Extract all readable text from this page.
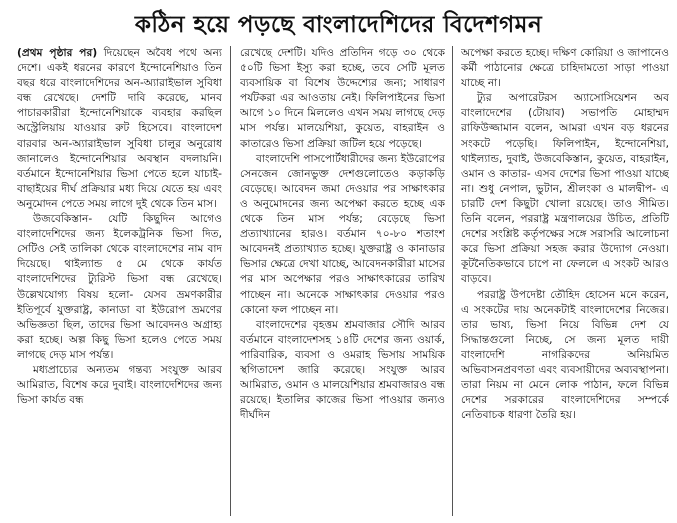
কঠিন হয়ে পড়ছে বাংলাদেশিদের বিদেশগমন

(প্রথম পৃষ্ঠার পর) দিয়েছেন অবৈধ পথে অন্য দেশে। একই ধরনের কারণে ইন্দোনেশিয়াও তিন বছর ধরে বাংলাদেশিদের অন-অ্যারাইভাল সুবিধা বন্ধ রেখেছে। দেশটি দাবি করেছে, মানব পাচারকারীরা ইন্দোনেশিয়াকে ব্যবহার করছিল অস্ট্রেলিয়ায় যাওয়ার রুট হিসেবে। বাংলাদেশ বারবার অন-অ্যারাইভাল সুবিধা চালুর অনুরোধ জানালেও ইন্দোনেশিয়ার অবস্থান বদলায়নি। বর্তমানে ইন্দোনেশিয়ার ভিসা পেতে হলে যাচাই-বাছাইয়ের দীর্ঘ প্রক্রিয়ার মধ্য দিয়ে যেতে হয় এবং অনুমোদন পেতে সময় লাগে দুই থেকে তিন মাস।

উজবেকিস্তান- যেটি কিছুদিন আগেও বাংলাদেশিদের জন্য ইলেকট্রনিক ভিসা দিত, সেটিও সেই তালিকা থেকে বাংলাদেশের নাম বাদ দিয়েছে। থাইল্যান্ড ৫ মে থেকে কার্যত বাংলাদেশিদের ট্যুরিস্ট ভিসা বন্ধ রেখেছে। উল্লেখযোগ্য বিষয় হলো- যেসব ভ্রমণকারীর ইতিপূর্বে যুক্তরাষ্ট্র, কানাডা বা ইউরোপ ভ্রমণের অভিজ্ঞতা ছিল, তাদের ভিসা আবেদনও অগ্রাহ্য করা হচ্ছে। অল্প কিছু ভিসা হলেও পেতে সময় লাগছে দেড় মাস পর্যন্ত।

মধ্যপ্রাচ্যের অন্যতম গন্তব্য সংযুক্ত আরব আমিরাত, বিশেষ করে দুবাই। বাংলাদেশিদের জন্য ভিসা কার্যত বন্ধ

রেখেছে দেশটি। যদিও প্রতিদিন গড়ে ৩০ থেকে ৫০টি ভিসা ইস্যু করা হচ্ছে, তবে সেটি মূলত ব্যবসায়িক বা বিশেষ উদ্দেশ্যের জন্য; সাধারণ পর্যটকরা এর আওতায় নেই। ফিলিপাইনের ভিসা আগে ১০ দিনে মিললেও এখন সময় লাগছে দেড় মাস পর্যন্ত। মালয়েশিয়া, কুয়েত, বাহরাইন ও কাতারেও ভিসা প্রক্রিয়া জটিল হয়ে পড়েছে।

বাংলাদেশি পাসপোর্টধারীদের জন্য ইউরোপের সেনজেন জোনভুক্ত দেশগুলোতেও কড়াকড়ি বেড়েছে। আবেদন জমা দেওয়ার পর সাক্ষাৎকার ও অনুমোদনের জন্য অপেক্ষা করতে হচ্ছে এক থেকে তিন মাস পর্যন্ত; বেড়েছে ভিসা প্রত্যাখ্যানের হারও। বর্তমান ৭০-৮০ শতাংশ আবেদনই প্রত্যাখ্যাত হচ্ছে। যুক্তরাষ্ট্র ও কানাডার ভিসার ক্ষেত্রে দেখা যাচ্ছে, আবেদনকারীরা মাসের পর মাস অপেক্ষার পরও সাক্ষাৎকারের তারিখ পাচ্ছেন না। অনেকে সাক্ষাৎকার দেওয়ার পরও কোনো ফল পাচ্ছেন না।

বাংলাদেশের বৃহত্তম শ্রমবাজার সৌদি আরব বর্তমানে বাংলাদেশসহ ১৪টি দেশের জন্য ওয়ার্ক, পারিবারিক, ব্যবসা ও ওমরাহ ভিসায় সাময়িক স্থগিতাদেশ জারি করেছে। সংযুক্ত আরব আমিরাত, ওমান ও মালয়েশিয়ার শ্রমবাজারও বন্ধ রয়েছে। ইতালির কাজের ভিসা পাওয়ার জন্যও দীর্ঘদিন

অপেক্ষা করতে হচ্ছে। দক্ষিণ কোরিয়া ও জাপানেও কর্মী পাঠানোর ক্ষেত্রে চাহিদামতো সাড়া পাওয়া যাচ্ছে না।

ট্যুর অপারেটরস অ্যাসোসিয়েশন অব বাংলাদেশের (টোয়াব) সভাপতি মোহাম্মদ রাফিউজ্জামান বলেন, আমরা এখন বড় ধরনের সংকটে পড়েছি। ফিলিপাইন, ইন্দোনেশিয়া, থাইল্যান্ড, দুবাই, উজবেকিস্তান, কুয়েত, বাহরাইন, ওমান ও কাতার- এসব দেশের ভিসা পাওয়া যাচ্ছে না। শুধু নেপাল, ভুটান, শ্রীলংকা ও মালদ্বীপ- এ চারটি দেশ কিছুটা খোলা রয়েছে। তাও সীমিত। তিনি বলেন, পররাষ্ট্র মন্ত্রণালয়ের উচিত, প্রতিটি দেশের সংশ্লিষ্ট কর্তৃপক্ষের সঙ্গে সরাসরি আলোচনা করে ভিসা প্রক্রিয়া সহজ করার উদ্যোগ নেওয়া। কূটনৈতিকভাবে চাপে না ফেললে এ সংকট আরও বাড়বে।

পররাষ্ট্র উপদেষ্টা তৌহিদ হোসেন মনে করেন, এ সংকটের দায় অনেকটাই বাংলাদেশের নিজের। তার ভাষ্য, ভিসা নিয়ে বিভিন্ন দেশ যে সিদ্ধান্তগুলো নিচ্ছে, সে জন্য মূলত দায়ী বাংলাদেশি নাগরিকদের অনিয়মিত অভিবাসনপ্রবণতা এবং ব্যবসায়ীদের অব্যবস্থাপনা। তারা নিয়ম না মেনে লোক পাঠান, ফলে বিভিন্ন দেশের সরকারের বাংলাদেশিদের সম্পর্কে নেতিবাচক ধারণা তৈরি হয়।
